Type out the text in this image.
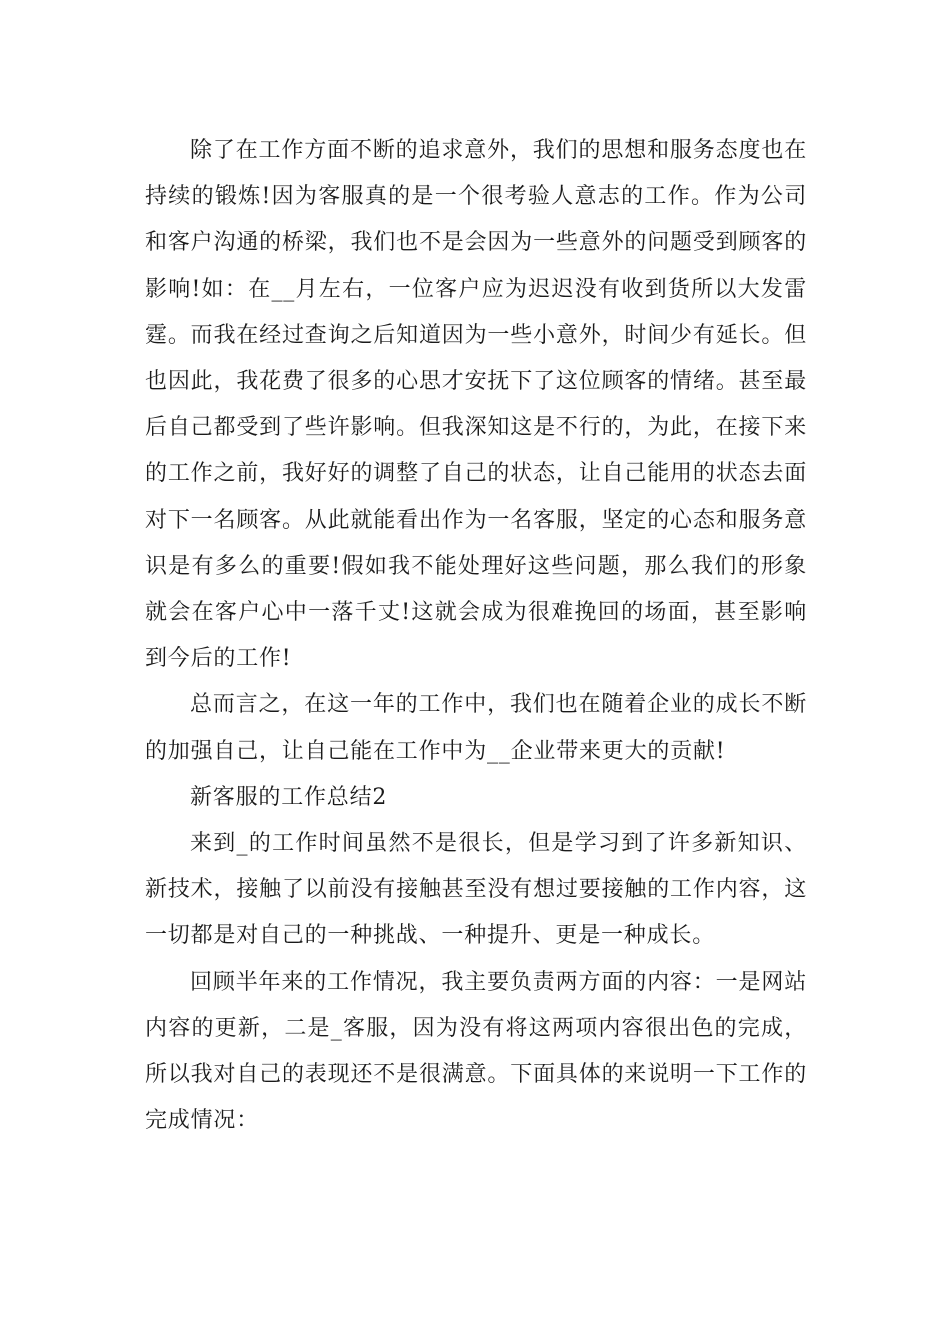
除了在工作方面不断的追求意外，我们的思想和服务态度也在持续的锻炼!因为客服真的是一个很考验人意志的工作。作为公司和客户沟通的桥梁，我们也不是会因为一些意外的问题受到顾客的影响!如：在__月左右，一位客户应为迟迟没有收到货所以大发雷霆。而我在经过查询之后知道因为一些小意外，时间少有延长。但也因此，我花费了很多的心思才安抚下了这位顾客的情绪。甚至最后自己都受到了些许影响。但我深知这是不行的，为此，在接下来的工作之前，我好好的调整了自己的状态，让自己能用的状态去面对下一名顾客。从此就能看出作为一名客服，坚定的心态和服务意识是有多么的重要!假如我不能处理好这些问题，那么我们的形象就会在客户心中一落千丈!这就会成为很难挽回的场面，甚至影响到今后的工作!

总而言之，在这一年的工作中，我们也在随着企业的成长不断的加强自己，让自己能在工作中为__企业带来更大的贡献!

新客服的工作总结2

来到_的工作时间虽然不是很长，但是学习到了许多新知识、新技术，接触了以前没有接触甚至没有想过要接触的工作内容，这一切都是对自己的一种挑战、一种提升、更是一种成长。

回顾半年来的工作情况，我主要负责两方面的内容：一是网站内容的更新，二是_客服，因为没有将这两项内容很出色的完成，所以我对自己的表现还不是很满意。下面具体的来说明一下工作的完成情况：
